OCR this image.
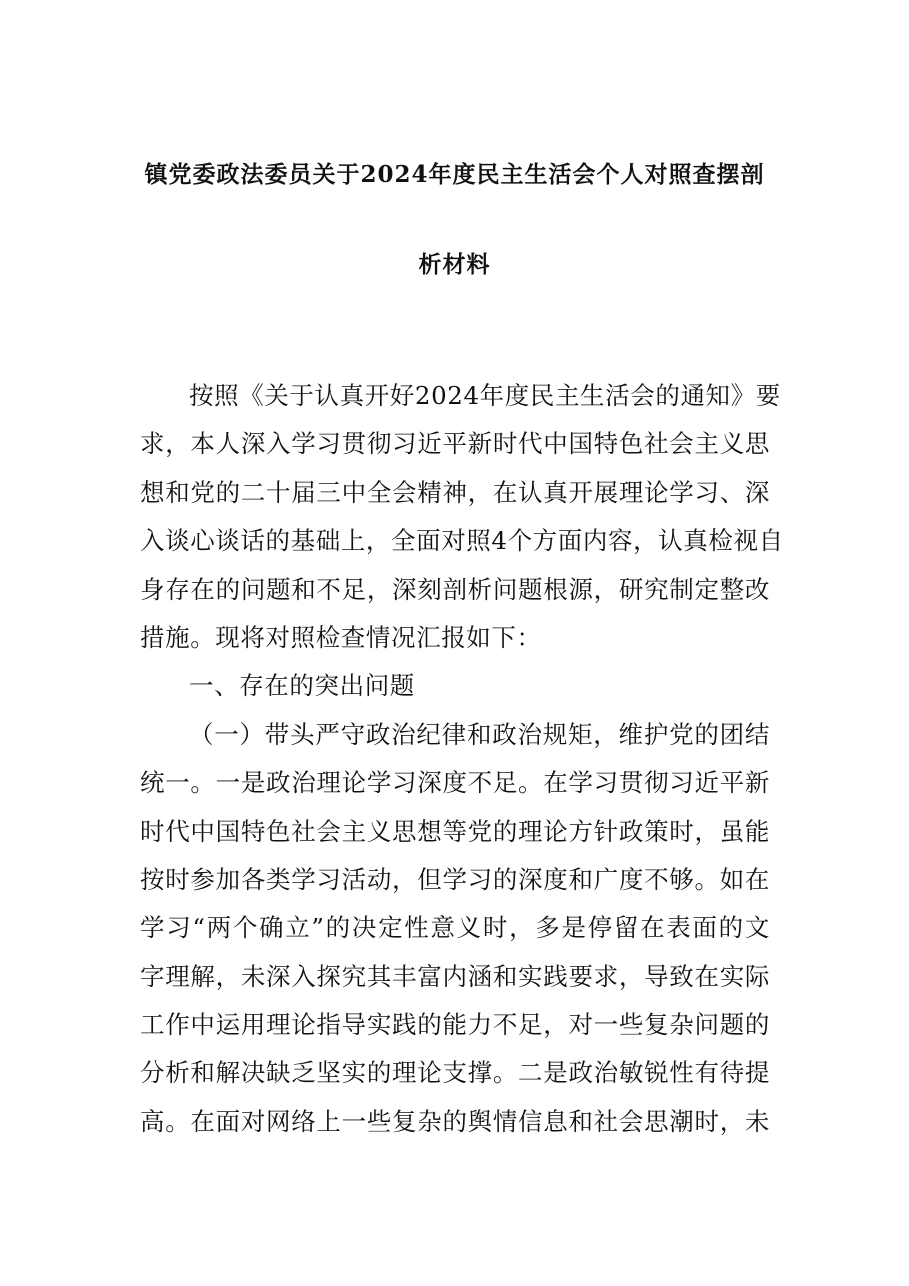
镇党委政法委员关于2024年度民主生活会个人对照查摆剖
析材料
按照《关于认真开好2024年度民主生活会的通知》要
求，本人深入学习贯彻习近平新时代中国特色社会主义思
想和党的二十届三中全会精神，在认真开展理论学习、深
入谈心谈话的基础上，全面对照4个方面内容，认真检视自
身存在的问题和不足，深刻剖析问题根源，研究制定整改
措施。现将对照检查情况汇报如下：
一、存在的突出问题
（一）带头严守政治纪律和政治规矩，维护党的团结
统一。一是政治理论学习深度不足。在学习贯彻习近平新
时代中国特色社会主义思想等党的理论方针政策时，虽能
按时参加各类学习活动，但学习的深度和广度不够。如在
学习“两个确立”的决定性意义时，多是停留在表面的文
字理解，未深入探究其丰富内涵和实践要求，导致在实际
工作中运用理论指导实践的能力不足，对一些复杂问题的
分析和解决缺乏坚实的理论支撑。二是政治敏锐性有待提
高。在面对网络上一些复杂的舆情信息和社会思潮时，未
